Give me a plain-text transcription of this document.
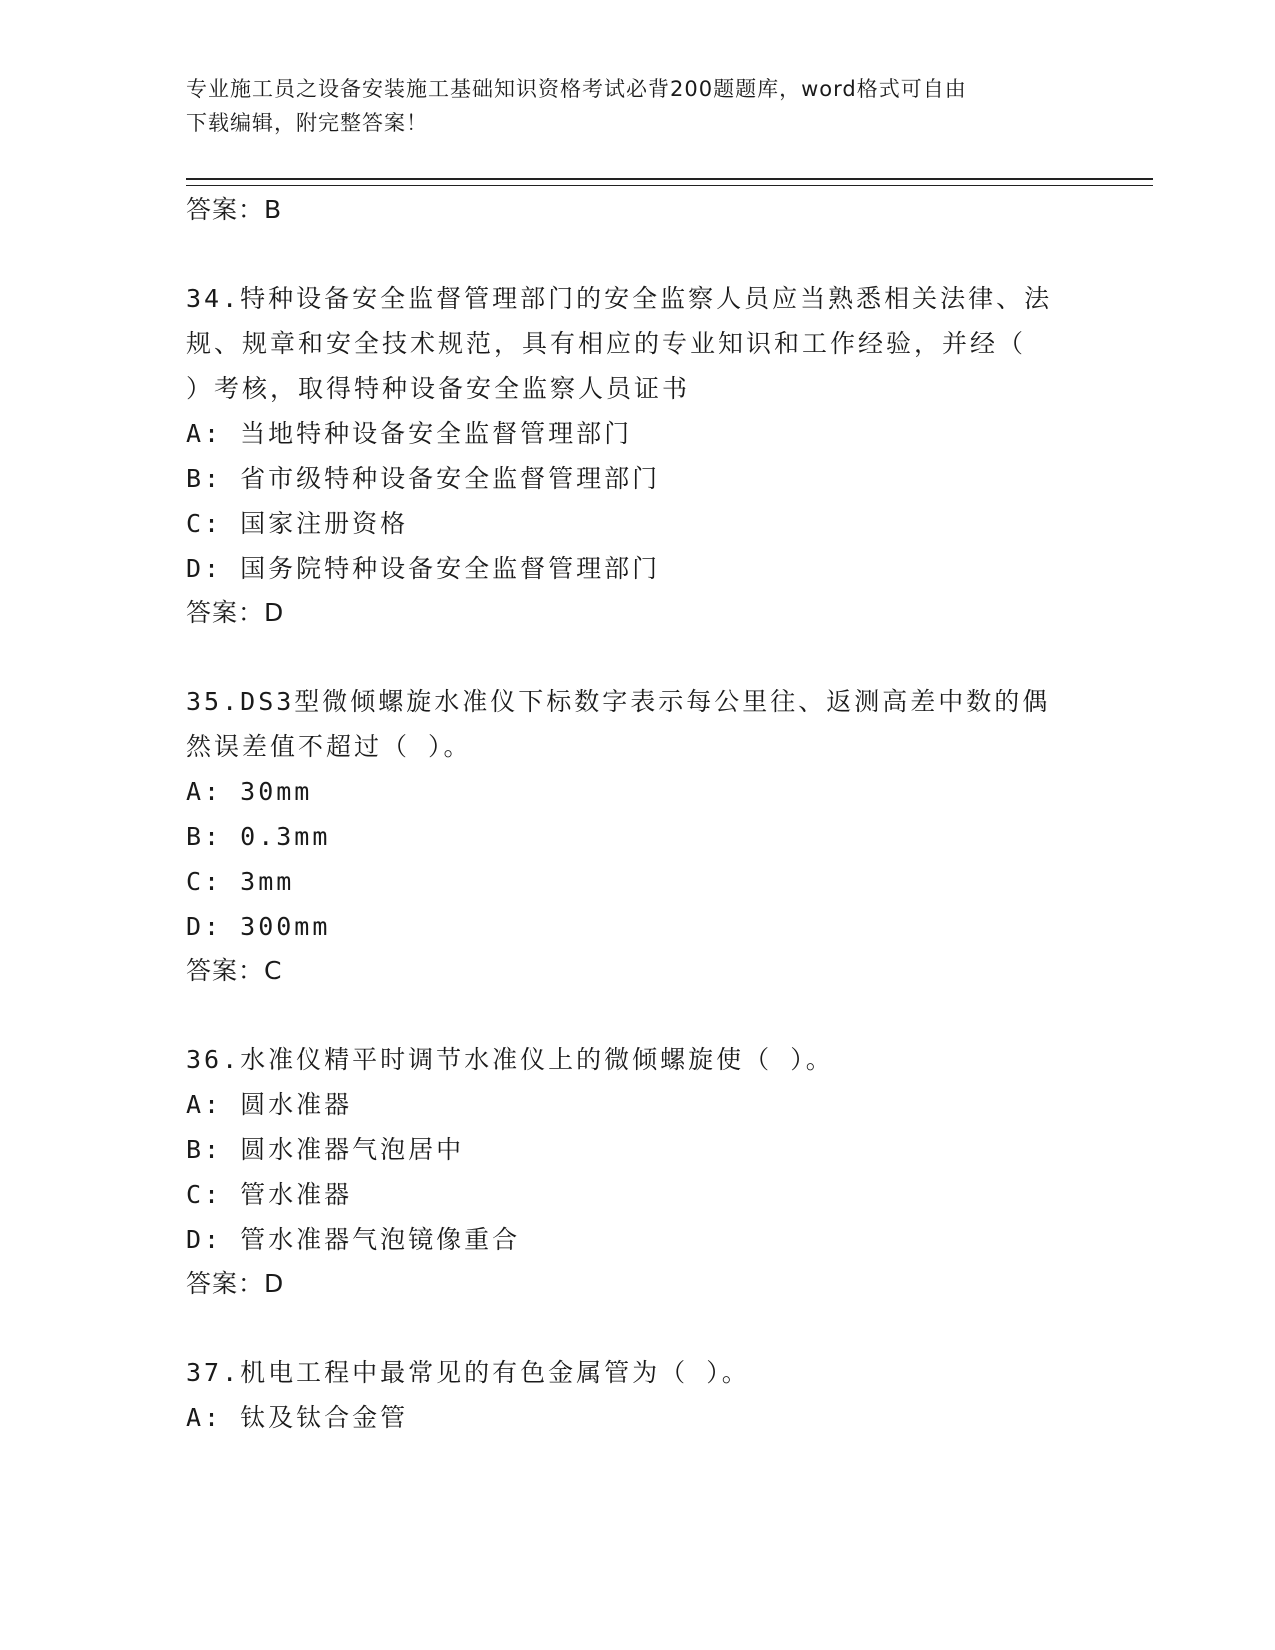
专业施工员之设备安装施工基础知识资格考试必背200题题库，word格式可自由
下载编辑，附完整答案！
答案：B
34.特种设备安全监督管理部门的安全监察人员应当熟悉相关法律、法
规、规章和安全技术规范，具有相应的专业知识和工作经验，并经（
）考核，取得特种设备安全监察人员证书
A: 当地特种设备安全监督管理部门
B: 省市级特种设备安全监督管理部门
C: 国家注册资格
D: 国务院特种设备安全监督管理部门
答案：D
35.DS3型微倾螺旋水准仪下标数字表示每公里往、返测高差中数的偶
然误差值不超过（ ）。
A: 30mm
B: 0.3mm
C: 3mm
D: 300mm
答案：C
36.水准仪精平时调节水准仪上的微倾螺旋使（ ）。
A: 圆水准器
B: 圆水准器气泡居中
C: 管水准器
D: 管水准器气泡镜像重合
答案：D
37.机电工程中最常见的有色金属管为（ ）。
A: 钛及钛合金管
